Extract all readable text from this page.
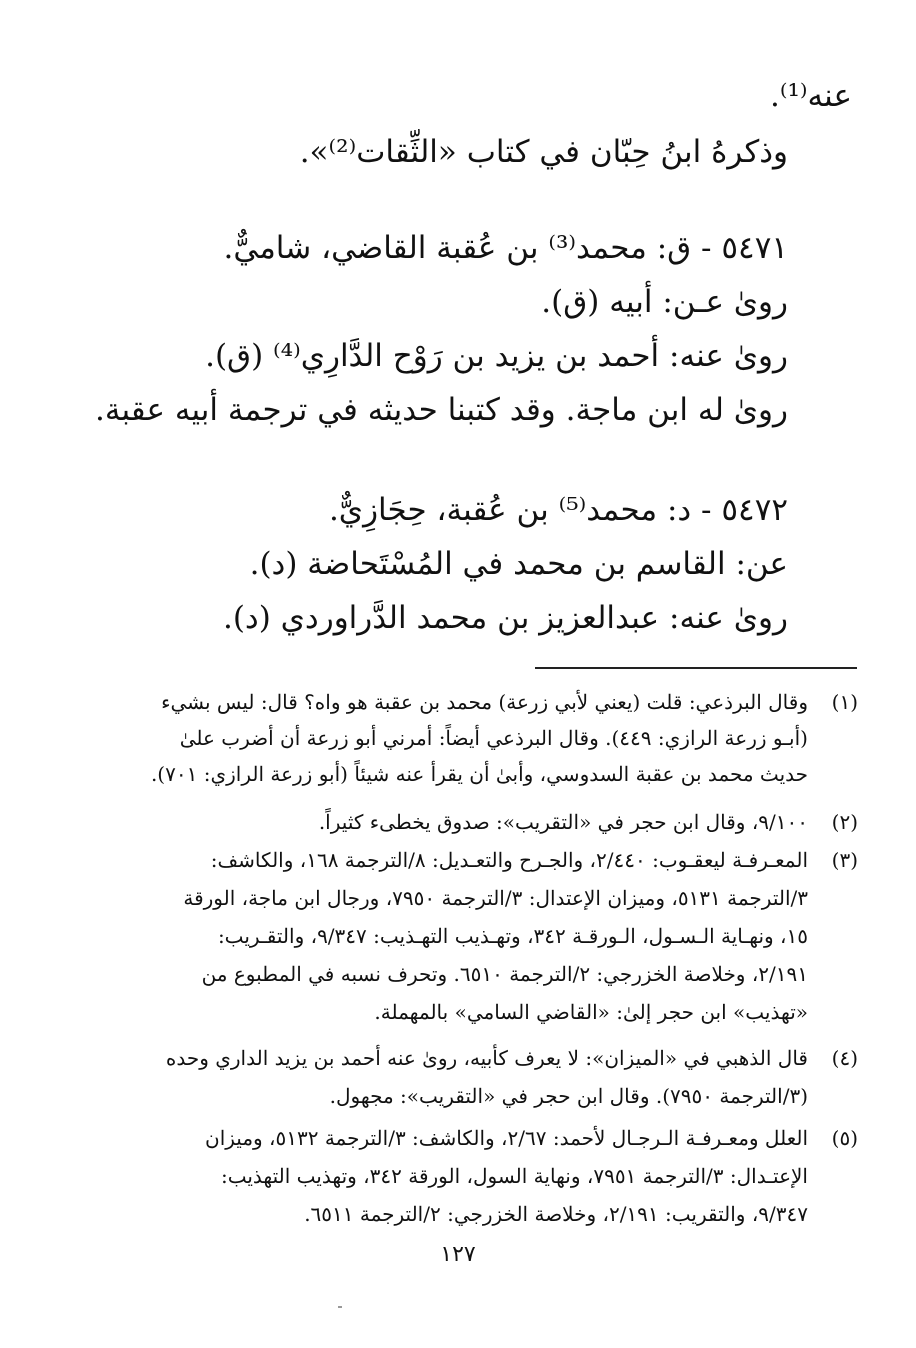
عنه⁽¹⁾.
وذكرهُ ابنُ حِبّان في كتاب «الثِّقات⁽²⁾».
٥٤٧١ - ق: محمد⁽³⁾ بن عُقبة القاضي، شاميٌّ.
روىٰ عـن: أبيه (ق).
روىٰ عنه: أحمد بن يزيد بن رَوْح الدَّارِي⁽⁴⁾ (ق).
روىٰ له ابن ماجة. وقد كتبنا حديثه في ترجمة أبيه عقبة.
٥٤٧٢ - د: محمد⁽⁵⁾ بن عُقبة، حِجَازِيٌّ.
عن: القاسم بن محمد في المُسْتَحاضة (د).
روىٰ عنه: عبدالعزيز بن محمد الدَّراوردي (د).
(١)
وقال البرذعي: قلت (يعني لأبي زرعة) محمد بن عقبة هو واه؟ قال: ليس بشيء
(أبـو زرعة الرازي: ٤٤٩). وقال البرذعي أيضاً: أمرني أبو زرعة أن أضرب علىٰ
حديث محمد بن عقبة السدوسي، وأبىٰ أن يقرأ عنه شيئاً (أبو زرعة الرازي: ٧٠١).
(٢)
٩/١٠٠، وقال ابن حجر في «التقريب»: صدوق يخطىء كثيراً.
(٣)
المعـرفـة ليعقـوب: ٢/٤٤٠، والجـرح والتعـديل: ٨/الترجمة ١٦٨، والكاشف:
٣/الترجمة ٥١٣١، وميزان الإعتدال: ٣/الترجمة ٧٩٥٠، ورجال ابن ماجة، الورقة
١٥، ونهـاية الـسـول، الـورقـة ٣٤٢، وتهـذيب التهـذيب: ٩/٣٤٧، والتقـريب:
٢/١٩١، وخلاصة الخزرجي: ٢/الترجمة ٦٥١٠. وتحرف نسبه في المطبوع من
«تهذيب» ابن حجر إلىٰ: «القاضي السامي» بالمهملة.
(٤)
قال الذهبي في «الميزان»: لا يعرف كأبيه، روىٰ عنه أحمد بن يزيد الداري وحده
(٣/الترجمة ٧٩٥٠). وقال ابن حجر في «التقريب»: مجهول.
(٥)
العلل ومعـرفـة الـرجـال لأحمد: ٢/٦٧، والكاشف: ٣/الترجمة ٥١٣٢، وميزان
الإعتـدال: ٣/الترجمة ٧٩٥١، ونهاية السول، الورقة ٣٤٢، وتهذيب التهذيب:
٩/٣٤٧، والتقريب: ٢/١٩١، وخلاصة الخزرجي: ٢/الترجمة ٦٥١١.
١٢٧
